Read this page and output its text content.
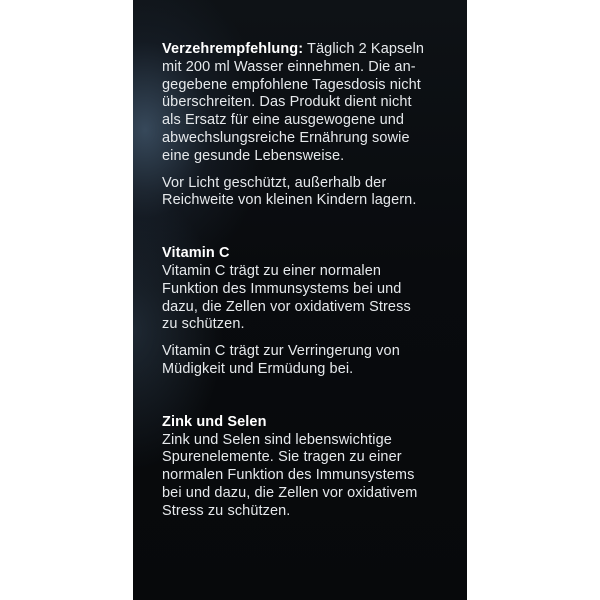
Verzehrempfehlung: Täglich 2 Kapseln
mit 200 ml Wasser einnehmen. Die an-
gegebene empfohlene Tagesdosis nicht
überschreiten. Das Produkt dient nicht
als Ersatz für eine ausgewogene und
abwechslungsreiche Ernährung sowie
eine gesunde Lebensweise.
Vor Licht geschützt, außerhalb der
Reichweite von kleinen Kindern lagern.
Vitamin C
Vitamin C trägt zu einer normalen
Funktion des Immunsystems bei und
dazu, die Zellen vor oxidativem Stress
zu schützen.
Vitamin C trägt zur Verringerung von
Müdigkeit und Ermüdung bei.
Zink und Selen
Zink und Selen sind lebenswichtige
Spurenelemente. Sie tragen zu einer
normalen Funktion des Immunsystems
bei und dazu, die Zellen vor oxidativem
Stress zu schützen.
